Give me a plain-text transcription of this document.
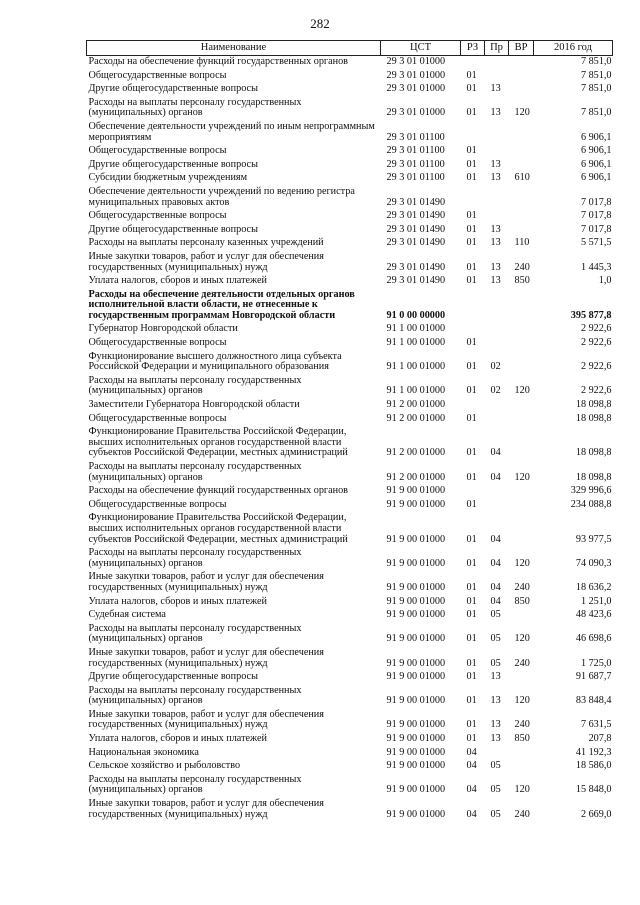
282
Наименование	ЦСТ	РЗ	Пр	ВР	2016 год
Расходы на обеспечение функций государственных органов	29 3 01 01000				7 851,0
Общегосударственные вопросы	29 3 01 01000	01			7 851,0
Другие общегосударственные вопросы	29 3 01 01000	01	13		7 851,0
Расходы на выплаты персоналу государственных (муниципальных) органов	29 3 01 01000	01	13	120	7 851,0
Обеспечение деятельности учреждений по иным непрограммным мероприятиям	29 3 01 01100				6 906,1
Общегосударственные вопросы	29 3 01 01100	01			6 906,1
Другие общегосударственные вопросы	29 3 01 01100	01	13		6 906,1
Субсидии бюджетным учреждениям	29 3 01 01100	01	13	610	6 906,1
Обеспечение деятельности учреждений по ведению регистра муниципальных правовых актов	29 3 01 01490				7 017,8
Общегосударственные вопросы	29 3 01 01490	01			7 017,8
Другие общегосударственные вопросы	29 3 01 01490	01	13		7 017,8
Расходы на выплаты персоналу казенных учреждений	29 3 01 01490	01	13	110	5 571,5
Иные закупки товаров, работ и услуг для обеспечения государственных (муниципальных) нужд	29 3 01 01490	01	13	240	1 445,3
Уплата налогов, сборов и иных платежей	29 3 01 01490	01	13	850	1,0
Расходы на обеспечение деятельности отдельных органов исполнительной власти области, не отнесенные к государственным программам Новгородской области	91 0 00 00000				395 877,8
Губернатор Новгородской области	91 1 00 01000				2 922,6
Общегосударственные вопросы	91 1 00 01000	01			2 922,6
Функционирование высшего должностного лица субъекта Российской Федерации и муниципального образования	91 1 00 01000	01	02		2 922,6
Расходы на выплаты персоналу государственных (муниципальных) органов	91 1 00 01000	01	02	120	2 922,6
Заместители Губернатора Новгородской области	91 2 00 01000				18 098,8
Общегосударственные вопросы	91 2 00 01000	01			18 098,8
Функционирование Правительства Российской Федерации, высших исполнительных органов государственной власти субъектов Российской Федерации, местных администраций	91 2 00 01000	01	04		18 098,8
Расходы на выплаты персоналу государственных (муниципальных) органов	91 2 00 01000	01	04	120	18 098,8
Расходы на обеспечение функций государственных органов	91 9 00 01000				329 996,6
Общегосударственные вопросы	91 9 00 01000	01			234 088,8
Функционирование Правительства Российской Федерации, высших исполнительных органов государственной власти субъектов Российской Федерации, местных администраций	91 9 00 01000	01	04		93 977,5
Расходы на выплаты персоналу государственных (муниципальных) органов	91 9 00 01000	01	04	120	74 090,3
Иные закупки товаров, работ и услуг для обеспечения государственных (муниципальных) нужд	91 9 00 01000	01	04	240	18 636,2
Уплата налогов, сборов и иных платежей	91 9 00 01000	01	04	850	1 251,0
Судебная система	91 9 00 01000	01	05		48 423,6
Расходы на выплаты персоналу государственных (муниципальных) органов	91 9 00 01000	01	05	120	46 698,6
Иные закупки товаров, работ и услуг для обеспечения государственных (муниципальных) нужд	91 9 00 01000	01	05	240	1 725,0
Другие общегосударственные вопросы	91 9 00 01000	01	13		91 687,7
Расходы на выплаты персоналу государственных (муниципальных) органов	91 9 00 01000	01	13	120	83 848,4
Иные закупки товаров, работ и услуг для обеспечения государственных (муниципальных) нужд	91 9 00 01000	01	13	240	7 631,5
Уплата налогов, сборов и иных платежей	91 9 00 01000	01	13	850	207,8
Национальная экономика	91 9 00 01000	04			41 192,3
Сельское хозяйство и рыболовство	91 9 00 01000	04	05		18 586,0
Расходы на выплаты персоналу государственных (муниципальных) органов	91 9 00 01000	04	05	120	15 848,0
Иные закупки товаров, работ и услуг для обеспечения государственных (муниципальных) нужд	91 9 00 01000	04	05	240	2 669,0
